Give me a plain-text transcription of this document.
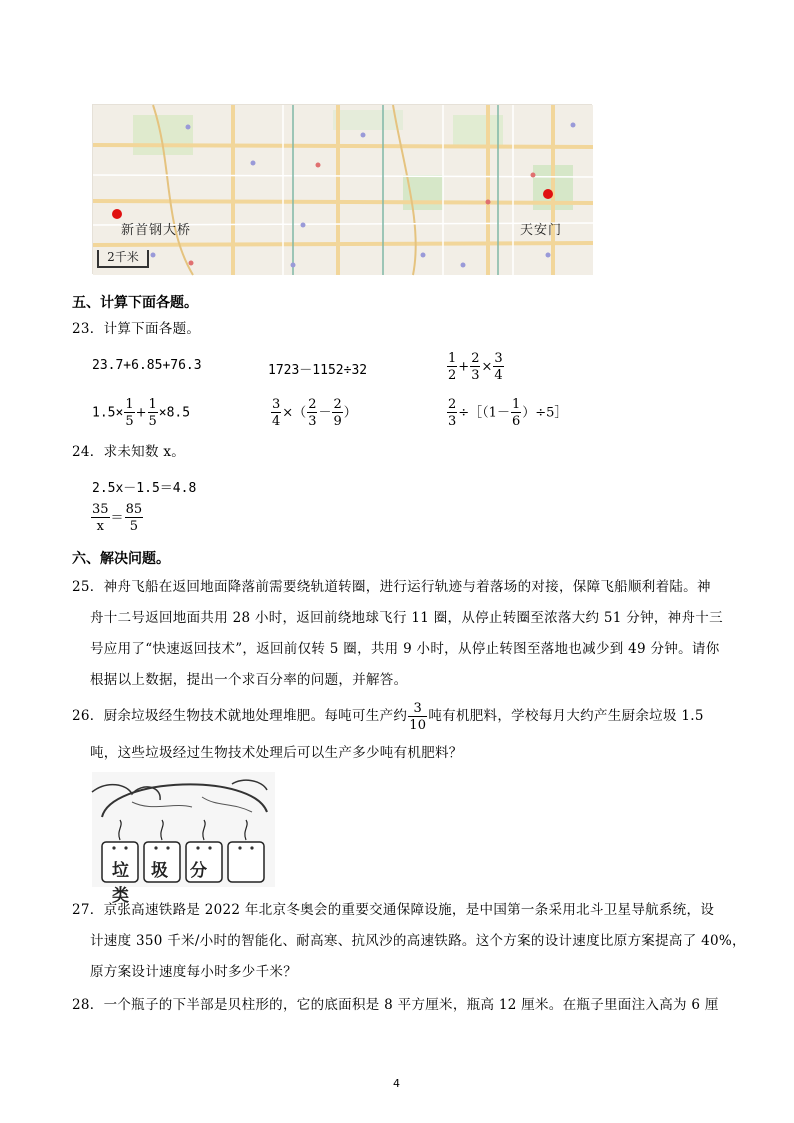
新首钢大桥	天安门
2千米
五、计算下面各题。
23．计算下面各题。
23.7+6.85+76.3	1723－1152÷32	$\frac{1}{2} + \frac{2}{3} \times \frac{3}{4}$
$1.5\times \frac{1}{5} + \frac{1}{5} \times 8.5$	$\frac{3}{4}$ ×（ $\frac{2}{3} - \frac{2}{9}$ ）	$\frac{2}{3}$ ÷［（1－ $\frac{1}{6}$ ）÷5］
24．求未知数 x。
2.5x－1.5＝4.8
$\frac{35}{x} = \frac{85}{5}$
六、解决问题。
25．神舟飞船在返回地面降落前需要绕轨道转圈，进行运行轨迹与着落场的对接，保障飞船顺利着陆。神
舟十二号返回地面共用 28 小时，返回前绕地球飞行 11 圈，从停止转圈至浓落大约 51 分钟，神舟十三
号应用了“快速返回技术”，返回前仅转 5 圈，共用 9 小时，从停止转图至落地也减少到 49 分钟。请你
根据以上数据，提出一个求百分率的问题，并解答。
26．厨余垃圾经生物技术就地处理堆肥。每吨可生产约 $\frac{3}{10}$ 吨有机肥料，学校每月大约产生厨余垃圾 1.5
吨，这些垃圾经过生物技术处理后可以生产多少吨有机肥料？
垃圾分类
27．京张高速铁路是 2022 年北京冬奥会的重要交通保障设施，是中国第一条采用北斗卫星导航系统，设
计速度 350 千米/小时的智能化、耐高寒、抗风沙的高速铁路。这个方案的设计速度比原方案提高了 40%，
原方案设计速度每小时多少千米？
28．一个瓶子的下半部是贝柱形的，它的底面积是 8 平方厘米，瓶高 12 厘米。在瓶子里面注入高为 6 厘
4
